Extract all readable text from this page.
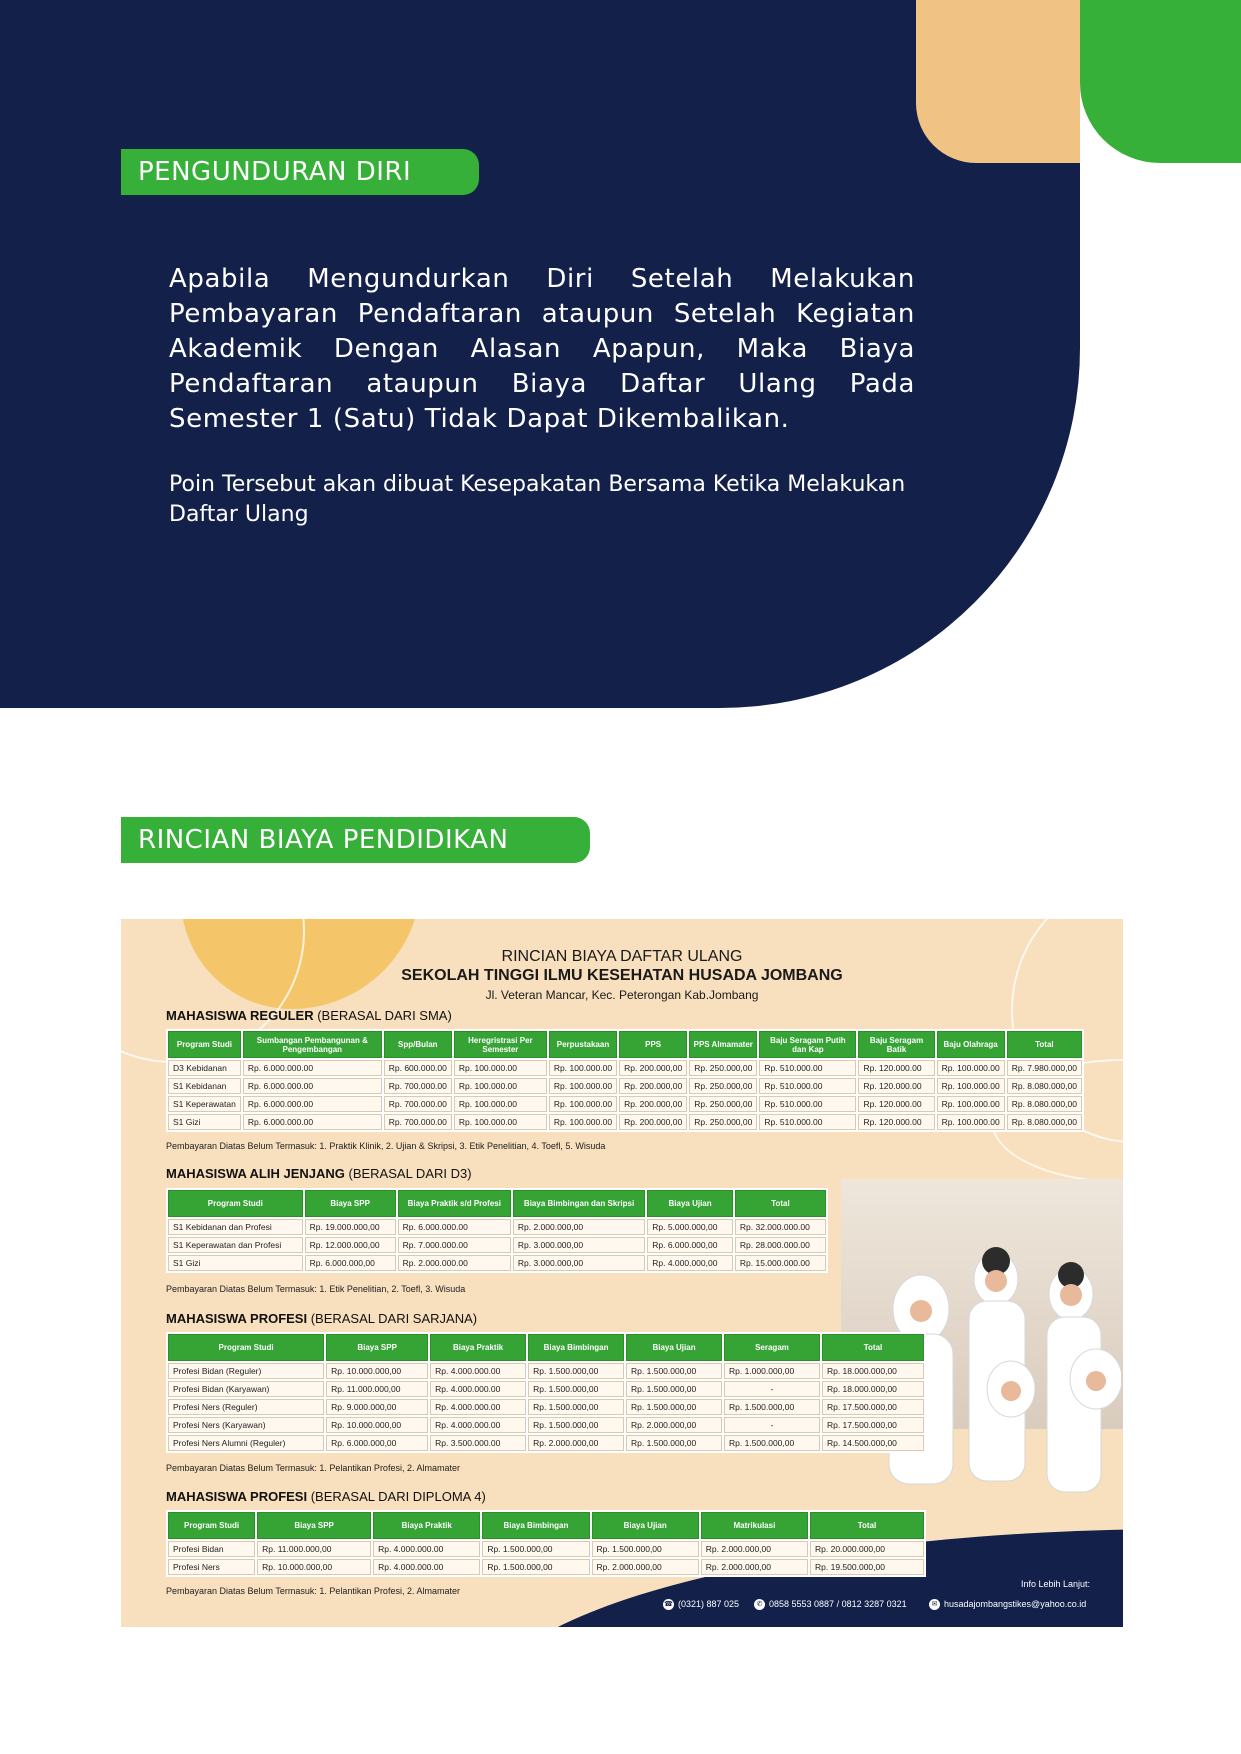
PENGUNDURAN DIRI
Apabila Mengundurkan Diri Setelah Melakukan Pembayaran Pendaftaran ataupun Setelah Kegiatan Akademik Dengan Alasan Apapun, Maka Biaya Pendaftaran ataupun Biaya Daftar Ulang Pada Semester 1 (Satu) Tidak Dapat Dikembalikan.
Poin Tersebut akan dibuat Kesepakatan Bersama Ketika Melakukan Daftar Ulang
RINCIAN BIAYA PENDIDIKAN
RINCIAN BIAYA DAFTAR ULANG
SEKOLAH TINGGI ILMU KESEHATAN HUSADA JOMBANG
Jl. Veteran Mancar, Kec. Peterongan Kab.Jombang
MAHASISWA REGULER (BERASAL DARI SMA)
Program Studi	Sumbangan Pembangunan & Pengembangan	Spp/Bulan	Heregristrasi Per Semester	Perpustakaan	PPS	PPS Almamater	Baju Seragam Putih dan Kap	Baju Seragam Batik	Baju Olahraga	Total
D3 Kebidanan	Rp. 6.000.000.00	Rp. 600.000.00	Rp. 100.000.00	Rp. 100.000.00	Rp. 200.000,00	Rp. 250.000,00	Rp. 510.000.00	Rp. 120.000.00	Rp. 100.000.00	Rp. 7.980.000,00
S1 Kebidanan	Rp. 6.000.000.00	Rp. 700.000.00	Rp. 100.000.00	Rp. 100.000.00	Rp. 200.000,00	Rp. 250.000,00	Rp. 510.000.00	Rp. 120.000.00	Rp. 100.000.00	Rp. 8.080.000,00
S1 Keperawatan	Rp. 6.000.000.00	Rp. 700.000.00	Rp. 100.000.00	Rp. 100.000.00	Rp. 200.000,00	Rp. 250.000,00	Rp. 510.000.00	Rp. 120.000.00	Rp. 100.000.00	Rp. 8.080.000,00
S1 Gizi	Rp. 6.000.000.00	Rp. 700.000.00	Rp. 100.000.00	Rp. 100.000.00	Rp. 200.000,00	Rp. 250.000,00	Rp. 510.000.00	Rp. 120.000.00	Rp. 100.000.00	Rp. 8.080.000,00
Pembayaran Diatas Belum Termasuk: 1. Praktik Klinik, 2. Ujian & Skripsi, 3. Etik Penelitian, 4. Toefl, 5. Wisuda
MAHASISWA ALIH JENJANG (BERASAL DARI D3)
Program Studi	Biaya SPP	Biaya Praktik s/d Profesi	Biaya Bimbingan dan Skripsi	Biaya Ujian	Total
S1 Kebidanan dan Profesi	Rp. 19.000.000,00	Rp. 6.000.000.00	Rp. 2.000.000,00	Rp. 5.000.000,00	Rp. 32.000.000.00
S1 Keperawatan dan Profesi	Rp. 12.000.000,00	Rp. 7.000.000.00	Rp. 3.000.000,00	Rp. 6.000.000,00	Rp. 28.000.000.00
S1 Gizi	Rp. 6.000.000,00	Rp. 2.000.000.00	Rp. 3.000.000,00	Rp. 4.000.000,00	Rp. 15.000.000.00
Pembayaran Diatas Belum Termasuk: 1. Etik Penelitian, 2. Toefl, 3. Wisuda
MAHASISWA PROFESI (BERASAL DARI SARJANA)
Program Studi	Biaya SPP	Biaya Praktik	Biaya Bimbingan	Biaya Ujian	Seragam	Total
Profesi Bidan (Reguler)	Rp. 10.000.000,00	Rp. 4.000.000.00	Rp. 1.500.000,00	Rp. 1.500.000,00	Rp. 1.000.000,00	Rp. 18.000.000,00
Profesi Bidan (Karyawan)	Rp. 11.000.000,00	Rp. 4.000.000.00	Rp. 1.500.000,00	Rp. 1.500.000,00	-	Rp. 18.000.000,00
Profesi Ners (Reguler)	Rp. 9.000.000,00	Rp. 4.000.000.00	Rp. 1.500.000,00	Rp. 1.500.000,00	Rp. 1.500.000,00	Rp. 17.500.000,00
Profesi Ners (Karyawan)	Rp. 10.000.000,00	Rp. 4.000.000.00	Rp. 1.500.000,00	Rp. 2.000.000,00	-	Rp. 17.500.000,00
Profesi Ners Alumni (Reguler)	Rp. 6.000.000,00	Rp. 3.500.000.00	Rp. 2.000.000,00	Rp. 1.500.000,00	Rp. 1.500.000,00	Rp. 14.500.000,00
Pembayaran Diatas Belum Termasuk: 1. Pelantikan Profesi, 2. Almamater
MAHASISWA PROFESI (BERASAL DARI DIPLOMA 4)
Program Studi	Biaya SPP	Biaya Praktik	Biaya Bimbingan	Biaya Ujian	Matrikulasi	Total
Profesi Bidan	Rp. 11.000.000,00	Rp. 4.000.000.00	Rp. 1.500.000,00	Rp. 1.500.000,00	Rp. 2.000.000,00	Rp. 20.000.000,00
Profesi Ners	Rp. 10.000.000,00	Rp. 4.000.000.00	Rp. 1.500.000,00	Rp. 2.000.000,00	Rp. 2.000.000,00	Rp. 19.500.000,00
Pembayaran Diatas Belum Termasuk: 1. Pelantikan Profesi, 2. Almamater
Info Lebih Lanjut:
☎ (0321) 887 025	✆ 0858 5553 0887 / 0812 3287 0321	✉ husadajombangstikes@yahoo.co.id
